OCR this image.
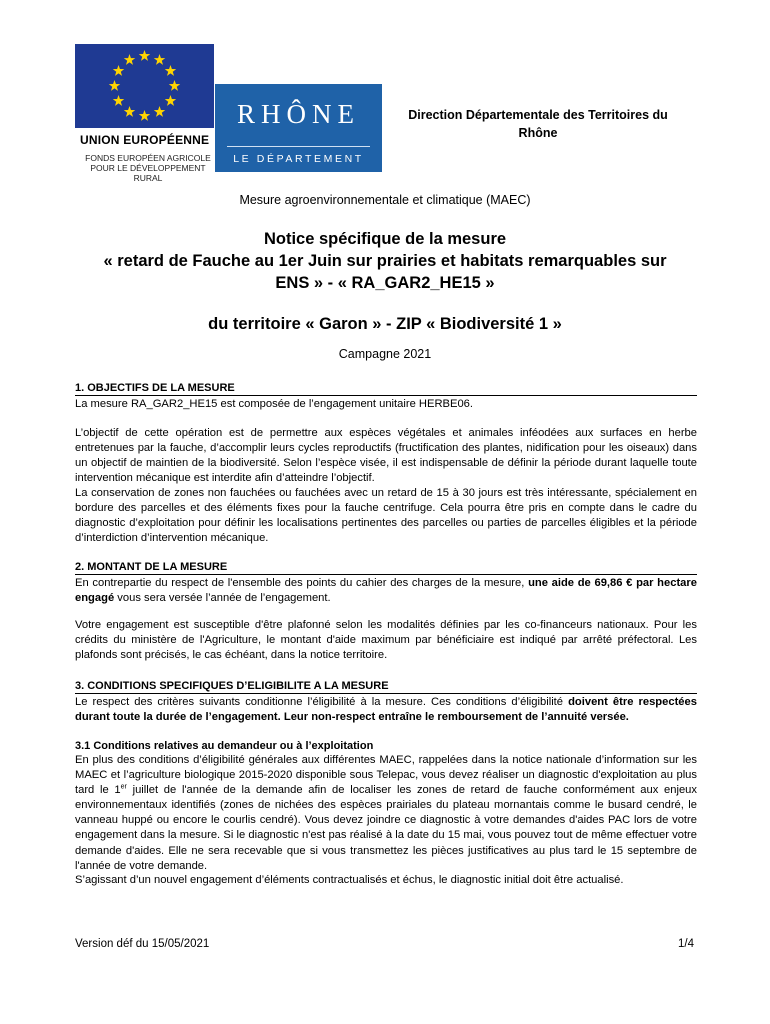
UNION EUROPÉENNE
FONDS EUROPÉEN AGRICOLE POUR LE DÉVELOPPEMENT RURAL
RHÔNE
LE DÉPARTEMENT
Direction Départementale des Territoires du Rhône
Mesure agroenvironnementale et climatique (MAEC)
Notice spécifique de la mesure
« retard de Fauche au 1er Juin sur prairies et habitats remarquables sur
ENS » - « RA_GAR2_HE15 »
du territoire « Garon » - ZIP « Biodiversité 1 »
Campagne 2021
1. OBJECTIFS DE LA MESURE
La mesure RA_GAR2_HE15 est composée de l’engagement unitaire HERBE06.
L’objectif de cette opération est de permettre aux espèces végétales et animales inféodées aux surfaces en herbe entretenues par la fauche, d’accomplir leurs cycles reproductifs (fructification des plantes, nidification pour les oiseaux) dans un objectif de maintien de la biodiversité. Selon l’espèce visée, il est indispensable de définir la période durant laquelle toute intervention mécanique est interdite afin d’atteindre l’objectif.
La conservation de zones non fauchées ou fauchées avec un retard de 15 à 30 jours est très intéressante, spécialement en bordure des parcelles et des éléments fixes pour la fauche centrifuge. Cela pourra être pris en compte dans le cadre du diagnostic d’exploitation pour définir les localisations pertinentes des parcelles ou parties de parcelles éligibles et la période d’interdiction d’intervention mécanique.
2. MONTANT DE LA MESURE
En contrepartie du respect de l'ensemble des points du cahier des charges de la mesure, une aide de 69,86 € par hectare engagé vous sera versée l’année de l’engagement.
Votre engagement est susceptible d'être plafonné selon les modalités définies par les co-financeurs nationaux. Pour les crédits du ministère de l'Agriculture, le montant d'aide maximum par bénéficiaire est indiqué par arrêté préfectoral. Les plafonds sont précisés, le cas échéant, dans la notice territoire.
3. CONDITIONS SPECIFIQUES D’ELIGIBILITE A LA MESURE
Le respect des critères suivants conditionne l’éligibilité à la mesure. Ces conditions d’éligibilité doivent être respectées durant toute la durée de l’engagement. Leur non-respect entraîne le remboursement de l’annuité versée.
3.1 Conditions relatives au demandeur ou à l’exploitation
En plus des conditions d’éligibilité générales aux différentes MAEC, rappelées dans la notice nationale d’information sur les MAEC et l’agriculture biologique 2015-2020 disponible sous Telepac, vous devez réaliser un diagnostic d'exploitation au plus tard le 1er juillet de l'année de la demande afin de localiser les zones de retard de fauche conformément aux enjeux environnementaux identifiés (zones de nichées des espèces prairiales du plateau mornantais comme le busard cendré, le vanneau huppé ou encore le courlis cendré). Vous devez joindre ce diagnostic à votre demandes d'aides PAC lors de votre engagement dans la mesure. Si le diagnostic n'est pas réalisé à la date du 15 mai, vous pouvez tout de même effectuer votre demande d'aides. Elle ne sera recevable que si vous transmettez les pièces justificatives au plus tard le 15 septembre de l'année de votre demande.
S’agissant d’un nouvel engagement d’éléments contractualisés et échus, le diagnostic initial doit être actualisé.
Version déf du 15/05/2021	1/4
